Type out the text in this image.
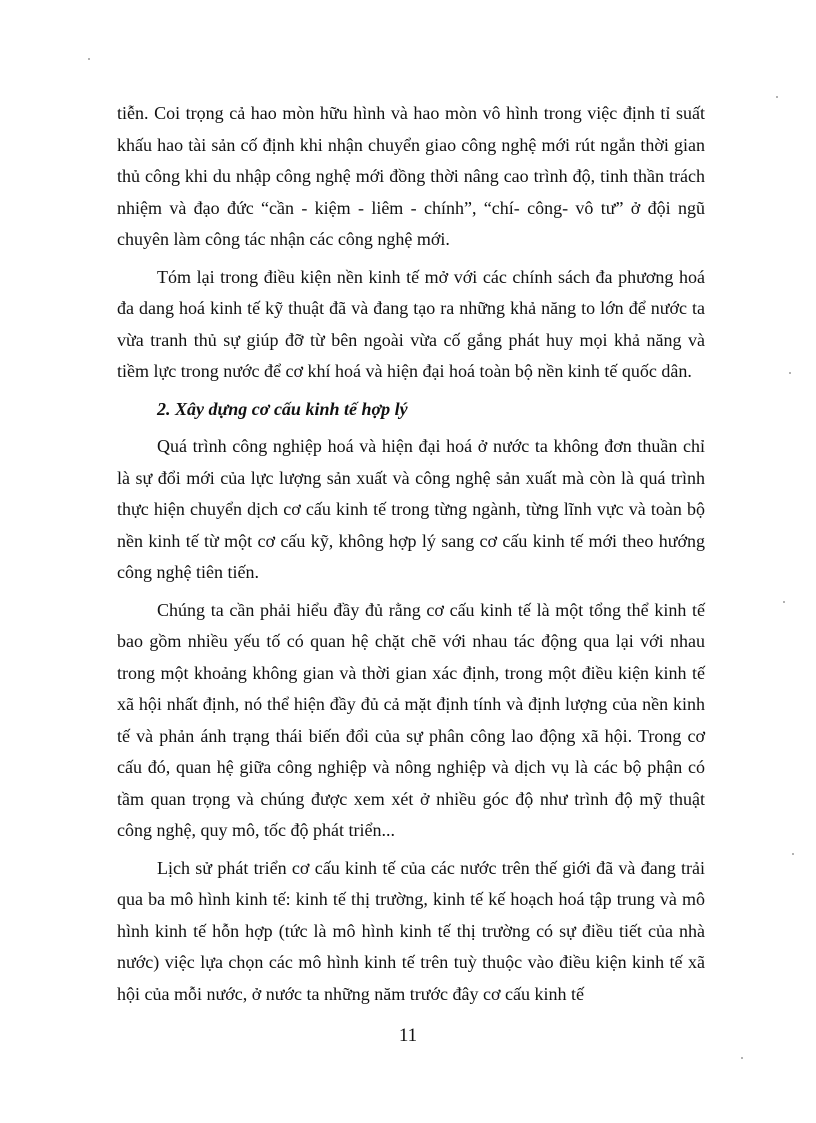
tiễn. Coi trọng cả hao mòn hữu hình và hao mòn vô hình trong việc định tỉ suất khấu hao tài sản cố định khi nhận chuyển giao công nghệ mới rút ngắn thời gian thủ công khi du nhập công nghệ mới đồng thời nâng cao trình độ, tinh thần trách nhiệm và đạo đức “cần - kiệm - liêm - chính”, “chí- công- vô tư” ở đội ngũ chuyên làm công tác nhận các công nghệ mới.

Tóm lại trong điều kiện nền kinh tế mở với các chính sách đa phương hoá đa dang hoá kinh tế kỹ thuật đã và đang tạo ra những khả năng to lớn để nước ta vừa tranh thủ sự giúp đỡ từ bên ngoài vừa cố gắng phát huy mọi khả năng và tiềm lực trong nước để cơ khí hoá và hiện đại hoá toàn bộ nền kinh tế quốc dân.

2. Xây dựng cơ cấu kinh tế hợp lý

Quá trình công nghiệp hoá và hiện đại hoá ở nước ta không đơn thuần chỉ là sự đổi mới của lực lượng sản xuất và công nghệ sản xuất mà còn là quá trình thực hiện chuyển dịch cơ cấu kinh tế trong từng ngành, từng lĩnh vực và toàn bộ nền kinh tế từ một cơ cấu kỹ, không hợp lý sang cơ cấu kinh tế mới theo hướng công nghệ tiên tiến.

Chúng ta cần phải hiểu đầy đủ rằng cơ cấu kinh tế là một tổng thể kinh tế bao gồm nhiều yếu tố có quan hệ chặt chẽ với nhau tác động qua lại với nhau trong một khoảng không gian và thời gian xác định, trong một điều kiện kinh tế xã hội nhất định, nó thể hiện đầy đủ cả mặt định tính và định lượng của nền kinh tế và phản ánh trạng thái biến đổi của sự phân công lao động xã hội. Trong cơ cấu đó, quan hệ giữa công nghiệp và nông nghiệp và dịch vụ là các bộ phận có tầm quan trọng và chúng được xem xét ở nhiều góc độ như trình độ mỹ thuật công nghệ, quy mô, tốc độ phát triển...

Lịch sử phát triển cơ cấu kinh tế của các nước trên thế giới đã và đang trải qua ba mô hình kinh tế: kinh tế thị trường, kinh tế kế hoạch hoá tập trung và mô hình kinh tế hỗn hợp (tức là mô hình kinh tế thị trường có sự điều tiết của nhà nước) việc lựa chọn các mô hình kinh tế trên tuỳ thuộc vào điều kiện kinh tế xã hội của mỗi nước, ở nước ta những năm trước đây cơ cấu kinh tế

11
